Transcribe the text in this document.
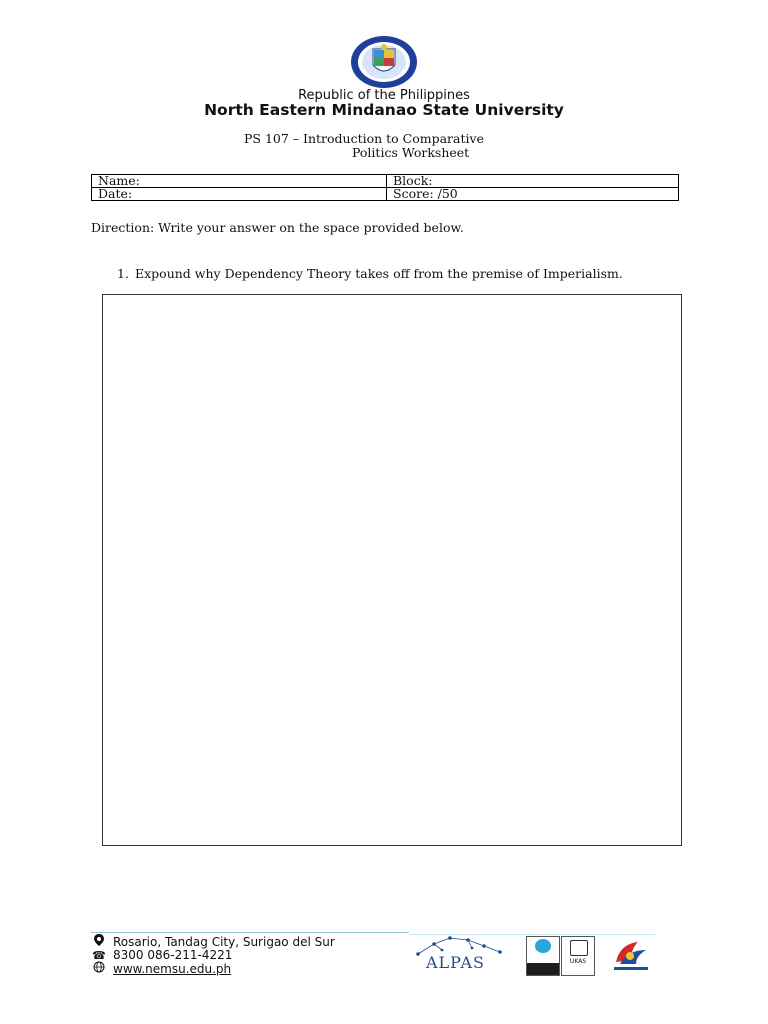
Republic of the Philippines
North Eastern Mindanao State University
PS 107 – Introduction to Comparative
Politics Worksheet
Name:	Block:
Date:	Score: /50
Direction: Write your answer on the space provided below.
1. Expound why Dependency Theory takes off from the premise of Imperialism.
Rosario, Tandag City, Surigao del Sur
☎ 8300 086-211-4221
www.nemsu.edu.ph	ALPAS	UKAS
